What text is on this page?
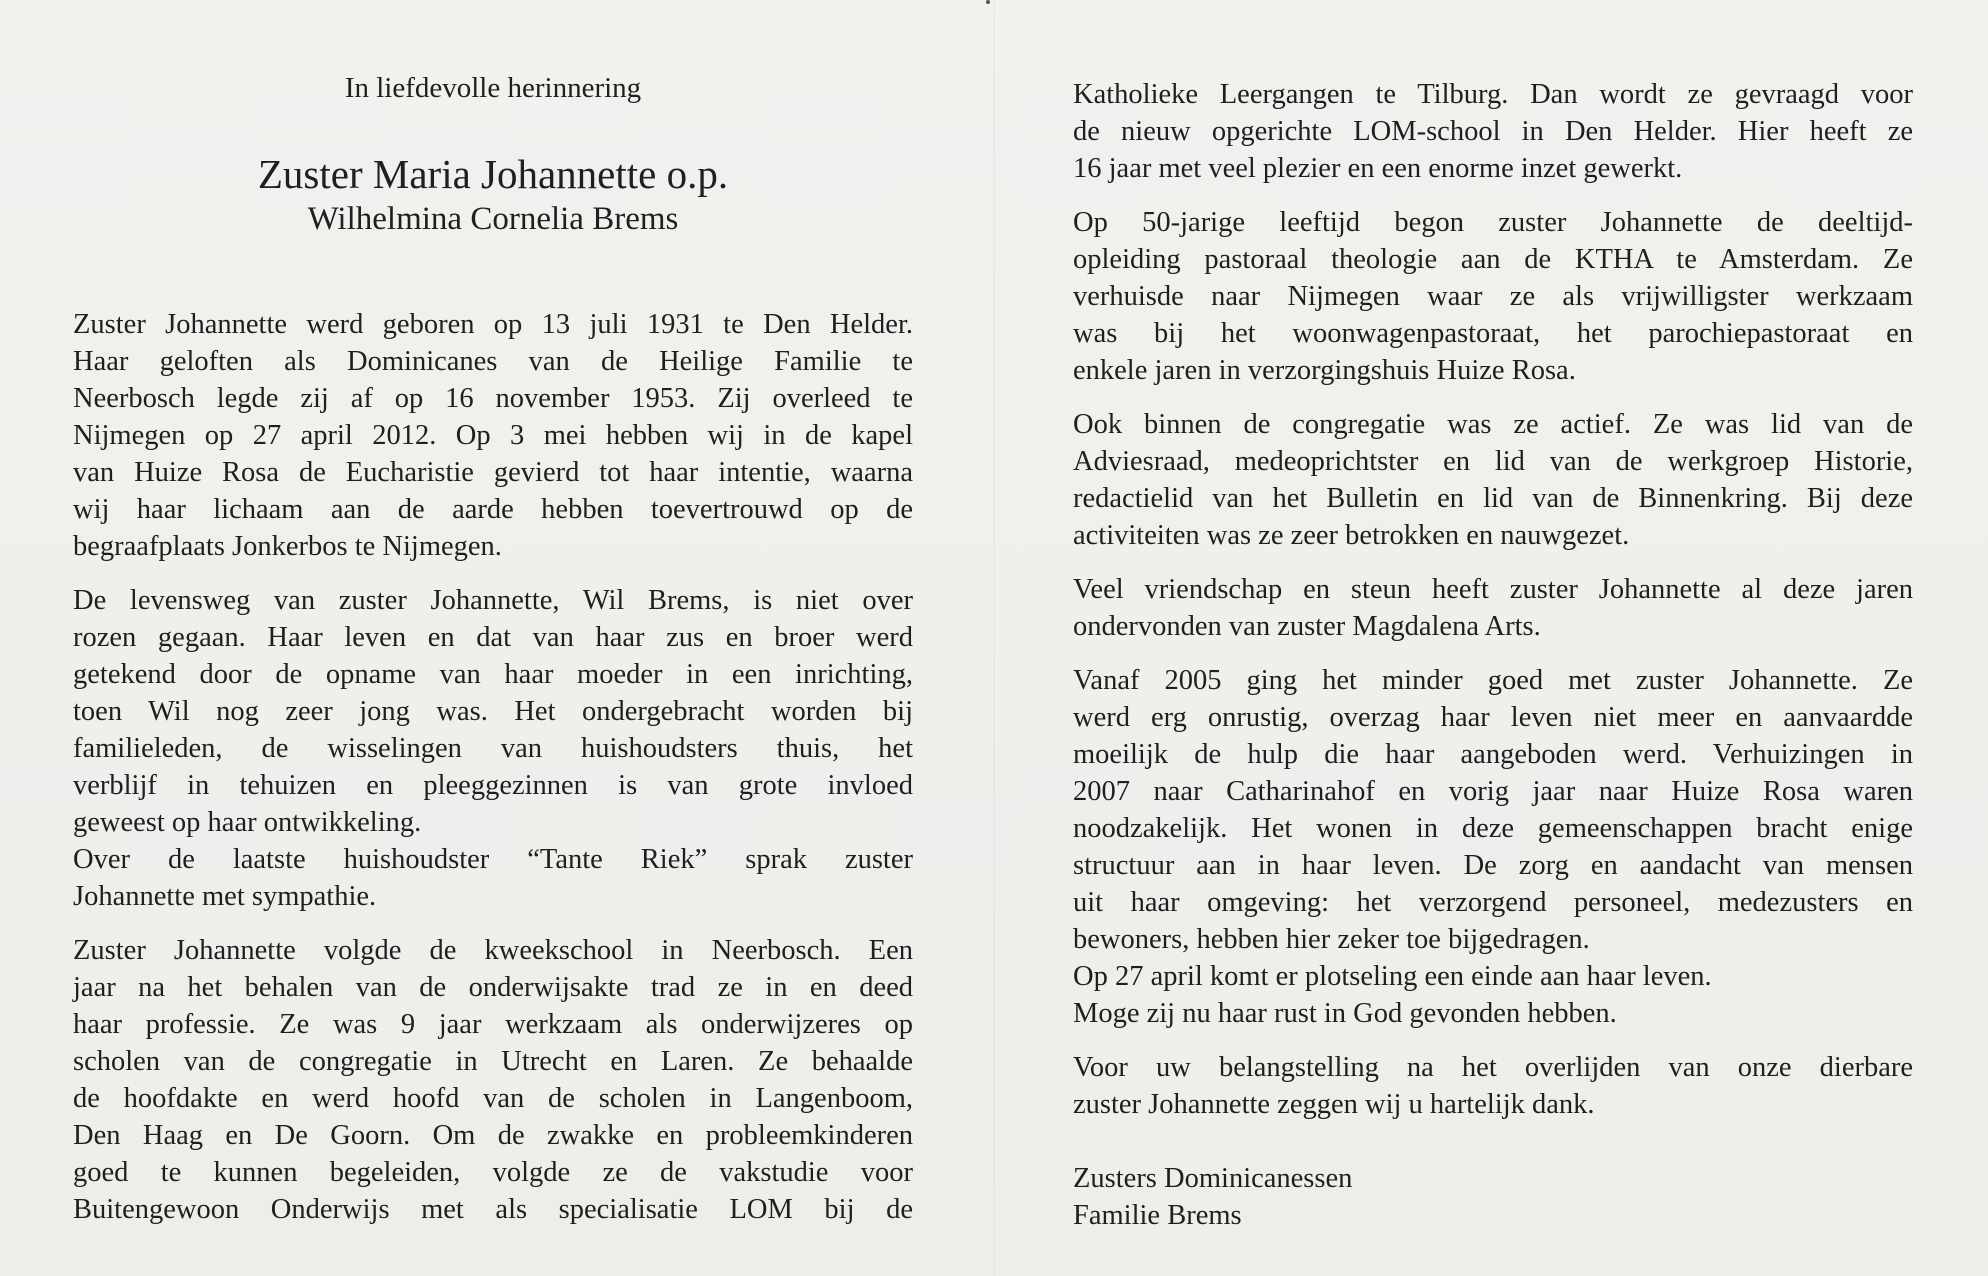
In liefdevolle herinnering
Zuster Maria Johannette o.p.
Wilhelmina Cornelia Brems
Zuster Johannette werd geboren op 13 juli 1931 te Den Helder.
Haar geloften als Dominicanes van de Heilige Familie te
Neerbosch legde zij af op 16 november 1953. Zij overleed te
Nijmegen op 27 april 2012. Op 3 mei hebben wij in de kapel
van Huize Rosa de Eucharistie gevierd tot haar intentie, waarna
wij haar lichaam aan de aarde hebben toevertrouwd op de
begraafplaats Jonkerbos te Nijmegen.
De levensweg van zuster Johannette, Wil Brems, is niet over
rozen gegaan. Haar leven en dat van haar zus en broer werd
getekend door de opname van haar moeder in een inrichting,
toen Wil nog zeer jong was. Het ondergebracht worden bij
familieleden, de wisselingen van huishoudsters thuis, het
verblijf in tehuizen en pleeggezinnen is van grote invloed
geweest op haar ontwikkeling.
Over de laatste huishoudster “Tante Riek” sprak zuster
Johannette met sympathie.
Zuster Johannette volgde de kweekschool in Neerbosch. Een
jaar na het behalen van de onderwijsakte trad ze in en deed
haar professie. Ze was 9 jaar werkzaam als onderwijzeres op
scholen van de congregatie in Utrecht en Laren. Ze behaalde
de hoofdakte en werd hoofd van de scholen in Langenboom,
Den Haag en De Goorn. Om de zwakke en probleemkinderen
goed te kunnen begeleiden, volgde ze de vakstudie voor
Buitengewoon Onderwijs met als specialisatie LOM bij de
Katholieke Leergangen te Tilburg. Dan wordt ze gevraagd voor
de nieuw opgerichte LOM-school in Den Helder. Hier heeft ze
16 jaar met veel plezier en een enorme inzet gewerkt.
Op 50-jarige leeftijd begon zuster Johannette de deeltijd-
opleiding pastoraal theologie aan de KTHA te Amsterdam. Ze
verhuisde naar Nijmegen waar ze als vrijwilligster werkzaam
was bij het woonwagenpastoraat, het parochiepastoraat en
enkele jaren in verzorgingshuis Huize Rosa.
Ook binnen de congregatie was ze actief. Ze was lid van de
Adviesraad, medeoprichtster en lid van de werkgroep Historie,
redactielid van het Bulletin en lid van de Binnenkring. Bij deze
activiteiten was ze zeer betrokken en nauwgezet.
Veel vriendschap en steun heeft zuster Johannette al deze jaren
ondervonden van zuster Magdalena Arts.
Vanaf 2005 ging het minder goed met zuster Johannette. Ze
werd erg onrustig, overzag haar leven niet meer en aanvaardde
moeilijk de hulp die haar aangeboden werd. Verhuizingen in
2007 naar Catharinahof en vorig jaar naar Huize Rosa waren
noodzakelijk. Het wonen in deze gemeenschappen bracht enige
structuur aan in haar leven. De zorg en aandacht van mensen
uit haar omgeving: het verzorgend personeel, medezusters en
bewoners, hebben hier zeker toe bijgedragen.
Op 27 april komt er plotseling een einde aan haar leven.
Moge zij nu haar rust in God gevonden hebben.
Voor uw belangstelling na het overlijden van onze dierbare
zuster Johannette zeggen wij u hartelijk dank.
Zusters Dominicanessen
Familie Brems
